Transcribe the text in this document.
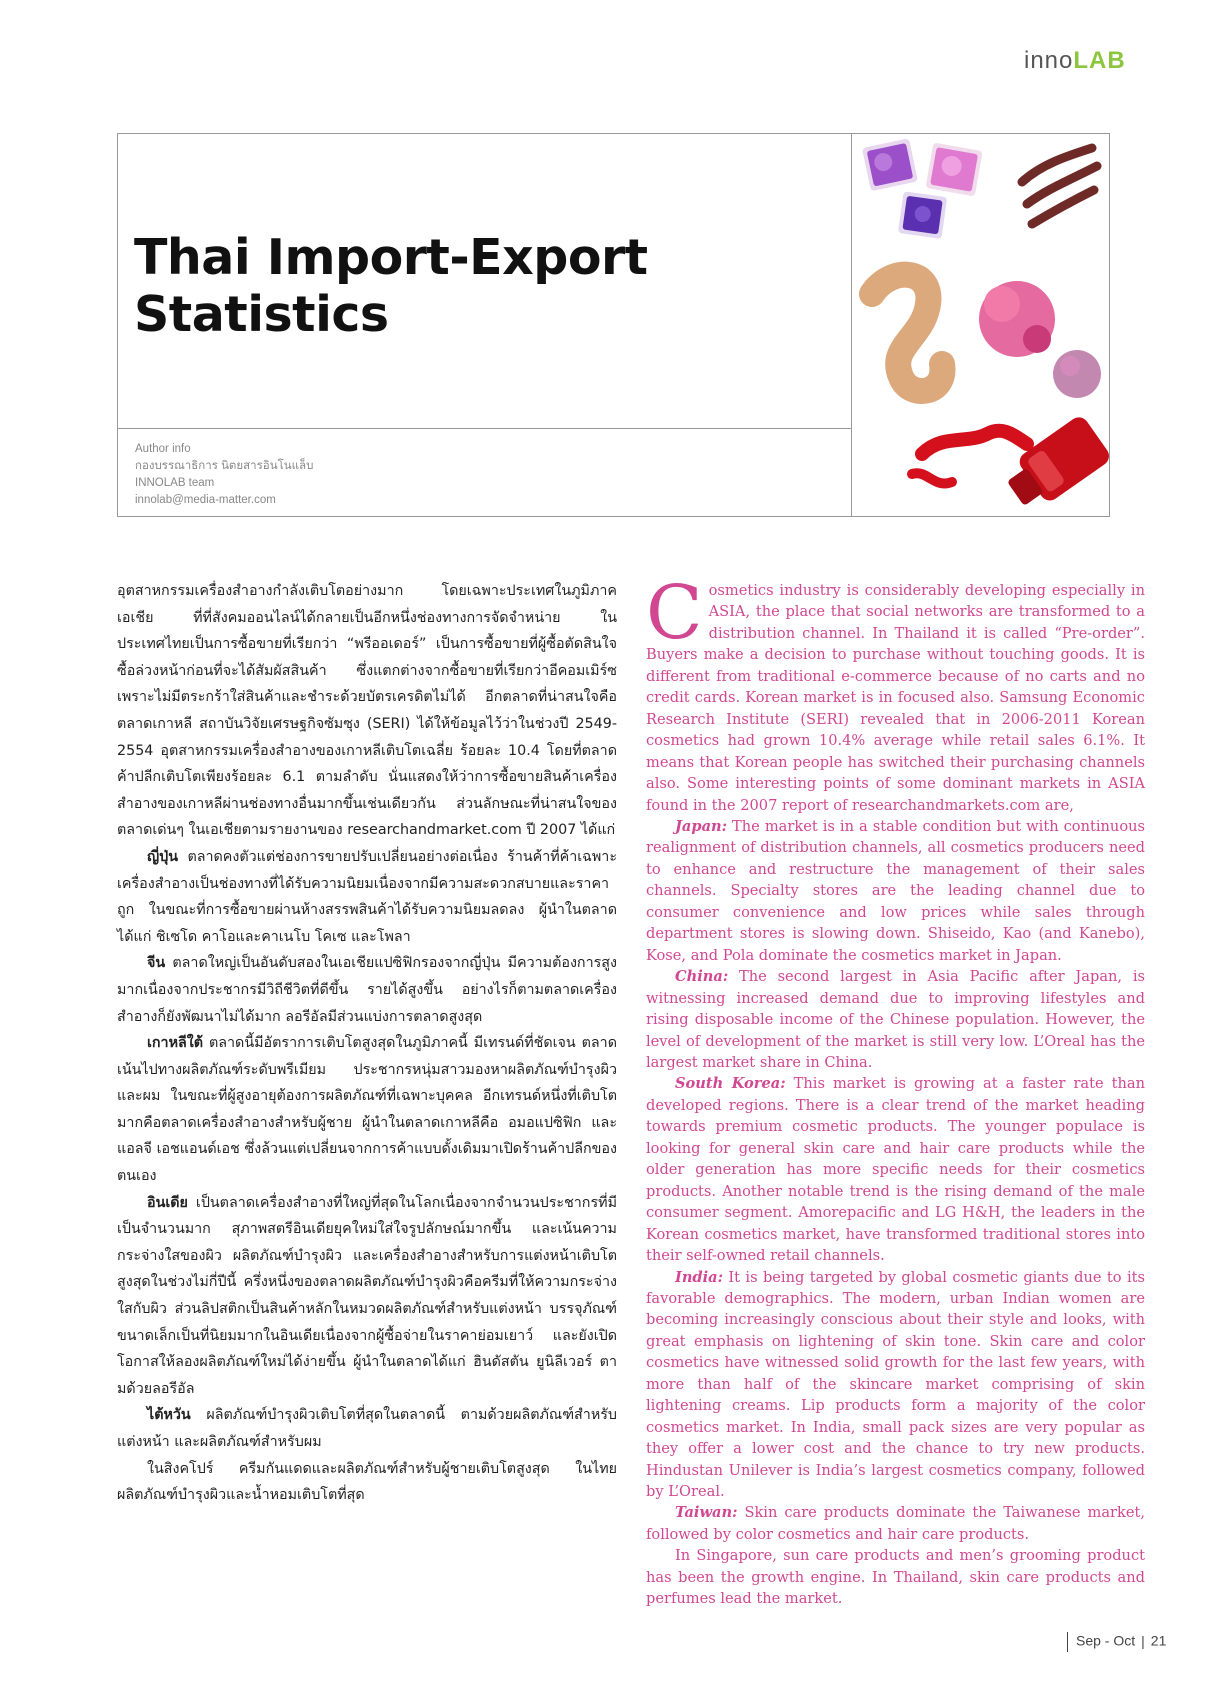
innoLAB
Thai Import-Export Statistics
Author info
กองบรรณาธิการ นิตยสารอินโนแล็บ
INNOLAB team
innolab@media-matter.com

อุตสาหกรรมเครื่องสำอางกำลังเติบโตอย่างมาก โดยเฉพาะประเทศในภูมิภาคเอเชีย ที่ที่สังคมออนไลน์ได้กลายเป็นอีกหนึ่งช่องทางการจัดจำหน่าย ในประเทศไทยเป็นการซื้อขายที่เรียกว่า “พรีออเดอร์” เป็นการซื้อขายที่ผู้ซื้อตัดสินใจซื้อล่วงหน้าก่อนที่จะได้สัมผัสสินค้า ซึ่งแตกต่างจากซื้อขายที่เรียกว่าอีคอมเมิร์ซ เพราะไม่มีตระกร้าใส่สินค้าและชำระด้วยบัตรเครดิตไม่ได้ อีกตลาดที่น่าสนใจคือตลาดเกาหลี สถาบันวิจัยเศรษฐกิจซัมซุง (SERI) ได้ให้ข้อมูลไว้ว่าในช่วงปี 2549-2554 อุตสาหกรรมเครื่องสำอางของเกาหลีเติบโตเฉลี่ย ร้อยละ 10.4 โดยที่ตลาดค้าปลีกเติบโตเพียงร้อยละ 6.1 ตามลำดับ นั่นแสดงให้ว่าการซื้อขายสินค้าเครื่องสำอางของเกาหลีผ่านช่องทางอื่นมากขึ้นเช่นเดียวกัน ส่วนลักษณะที่น่าสนใจของตลาดเด่นๆ ในเอเชียตามรายงานของ researchandmarket.com ปี 2007 ได้แก่

ญี่ปุ่น ตลาดคงตัวแต่ช่องการขายปรับเปลี่ยนอย่างต่อเนื่อง ร้านค้าที่ค้าเฉพาะเครื่องสำอางเป็นช่องทางที่ได้รับความนิยมเนื่องจากมีความสะดวกสบายและราคาถูก ในขณะที่การซื้อขายผ่านห้างสรรพสินค้าได้รับความนิยมลดลง ผู้นำในตลาดได้แก่ ชิเซโด คาโอและคาเนโบ โคเซ และโพลา

จีน ตลาดใหญ่เป็นอันดับสองในเอเชียแปซิฟิกรองจากญี่ปุ่น มีความต้องการสูงมากเนื่องจากประชากรมีวิถีชีวิตที่ดีขึ้น รายได้สูงขึ้น อย่างไรก็ตามตลาดเครื่องสำอางก็ยังพัฒนาไม่ได้มาก ลอรีอัลมีส่วนแบ่งการตลาดสูงสุด

เกาหลีใต้ ตลาดนี้มีอัตราการเติบโตสูงสุดในภูมิภาคนี้ มีเทรนด์ที่ชัดเจน ตลาดเน้นไปทางผลิตภัณฑ์ระดับพรีเมียม ประชากรหนุ่มสาวมองหาผลิตภัณฑ์บำรุงผิวและผม ในขณะที่ผู้สูงอายุต้องการผลิตภัณฑ์ที่เฉพาะบุคคล อีกเทรนด์หนึ่งที่เติบโตมากคือตลาดเครื่องสำอางสำหรับผู้ชาย ผู้นำในตลาดเกาหลีคือ อมอแปซิฟิก และแอลจี เอชแอนด์เอช ซึ่งล้วนแต่เปลี่ยนจากการค้าแบบดั้งเดิมมาเปิดร้านค้าปลีกของตนเอง

อินเดีย เป็นตลาดเครื่องสำอางที่ใหญ่ที่สุดในโลกเนื่องจากจำนวนประชากรที่มีเป็นจำนวนมาก สุภาพสตรีอินเดียยุคใหม่ใส่ใจรูปลักษณ์มากขึ้น และเน้นความกระจ่างใสของผิว ผลิตภัณฑ์บำรุงผิว และเครื่องสำอางสำหรับการแต่งหน้าเติบโตสูงสุดในช่วงไม่กี่ปีนี้ ครึ่งหนึ่งของตลาดผลิตภัณฑ์บำรุงผิวคือครีมที่ให้ความกระจ่างใสกับผิว ส่วนลิปสติกเป็นสินค้าหลักในหมวดผลิตภัณฑ์สำหรับแต่งหน้า บรรจุภัณฑ์ขนาดเล็กเป็นที่นิยมมากในอินเดียเนื่องจากผู้ซื้อจ่ายในราคาย่อมเยาว์ และยังเปิดโอกาสให้ลองผลิตภัณฑ์ใหม่ได้ง่ายขึ้น ผู้นำในตลาดได้แก่ ฮินดัสตัน ยูนิลีเวอร์ ตามด้วยลอรีอัล

ไต้หวัน ผลิตภัณฑ์บำรุงผิวเติบโตที่สุดในตลาดนี้ ตามด้วยผลิตภัณฑ์สำหรับแต่งหน้า และผลิตภัณฑ์สำหรับผม

ในสิงคโปร์ ครีมกันแดดและผลิตภัณฑ์สำหรับผู้ชายเติบโตสูงสุด ในไทย ผลิตภัณฑ์บำรุงผิวและน้ำหอมเติบโตที่สุด

Cosmetics industry is considerably developing especially in ASIA, the place that social networks are transformed to a distribution channel. In Thailand it is called “Pre-order”. Buyers make a decision to purchase without touching goods. It is different from traditional e-commerce because of no carts and no credit cards. Korean market is in focused also. Samsung Economic Research Institute (SERI) revealed that in 2006-2011 Korean cosmetics had grown 10.4% average while retail sales 6.1%. It means that Korean people has switched their purchasing channels also. Some interesting points of some dominant markets in ASIA found in the 2007 report of researchandmarkets.com are,

Japan: The market is in a stable condition but with continuous realignment of distribution channels, all cosmetics producers need to enhance and restructure the management of their sales channels. Specialty stores are the leading channel due to consumer convenience and low prices while sales through department stores is slowing down. Shiseido, Kao (and Kanebo), Kose, and Pola dominate the cosmetics market in Japan.

China: The second largest in Asia Pacific after Japan, is witnessing increased demand due to improving lifestyles and rising disposable income of the Chinese population. However, the level of development of the market is still very low. L’Oreal has the largest market share in China.

South Korea: This market is growing at a faster rate than developed regions. There is a clear trend of the market heading towards premium cosmetic products. The younger populace is looking for general skin care and hair care products while the older generation has more specific needs for their cosmetics products. Another notable trend is the rising demand of the male consumer segment. Amorepacific and LG H&H, the leaders in the Korean cosmetics market, have transformed traditional stores into their self-owned retail channels.

India: It is being targeted by global cosmetic giants due to its favorable demographics. The modern, urban Indian women are becoming increasingly conscious about their style and looks, with great emphasis on lightening of skin tone. Skin care and color cosmetics have witnessed solid growth for the last few years, with more than half of the skincare market comprising of skin lightening creams. Lip products form a majority of the color cosmetics market. In India, small pack sizes are very popular as they offer a lower cost and the chance to try new products. Hindustan Unilever is India’s largest cosmetics company, followed by L’Oreal.

Taiwan: Skin care products dominate the Taiwanese market, followed by color cosmetics and hair care products.

In Singapore, sun care products and men’s grooming product has been the growth engine. In Thailand, skin care products and perfumes lead the market.

Sep - Oct | 21
